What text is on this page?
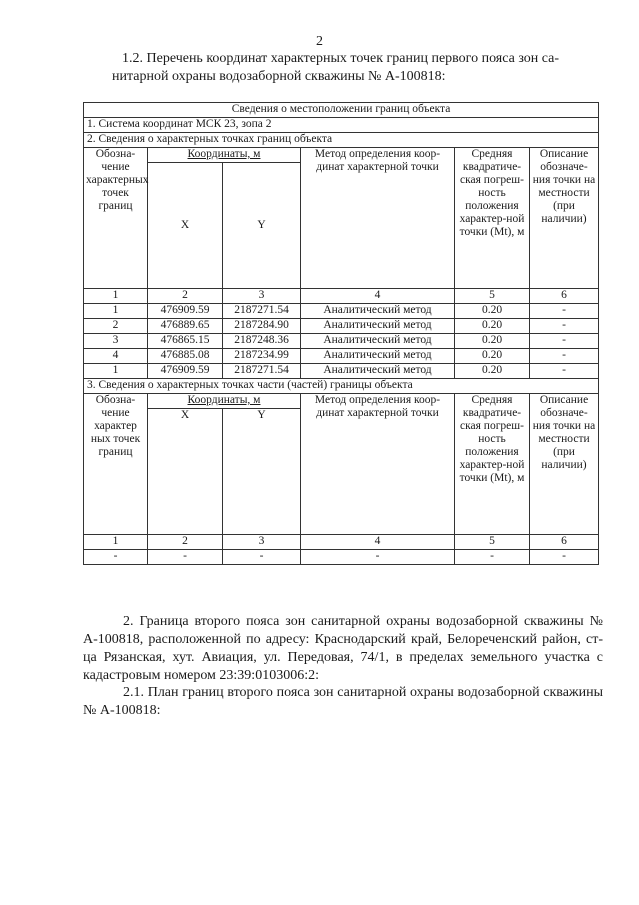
2
1.2. Перечень координат характерных точек границ первого пояса зон са-
нитарной охраны водозаборной скважины № А-100818:
Сведения о местоположении границ объекта					
1. Система координат МСК 23, зопа 2					
2. Сведения о характерных точках границ объекта					
Обозна-чение характерных точек границ	Координаты, м		Метод определения коор-динат характерной точки	Средняя квадратиче-ская погреш-ность положения характер-ной точки (Mt), м	Описание обозначе-ния точки на местности (при наличии)
	X	Y			
1	2	3	4	5	6
1	476909.59	2187271.54	Аналитический метод	0.20	-
2	476889.65	2187284.90	Аналитический метод	0.20	-
3	476865.15	2187248.36	Аналитический метод	0.20	-
4	476885.08	2187234.99	Аналитический метод	0.20	-
1	476909.59	2187271.54	Аналитический метод	0.20	-
3. Сведения о характерных точках части (частей) границы объекта					
Обозна-чение характер ных точек границ	Координаты, м		Метод определения коор-динат характерной точки	Средняя квадратиче-ская погреш-ность положения характер-ной точки (Mt), м	Описание обозначе-ния точки на местности (при наличии)
	X	Y			
1	2	3	4	5	6
-	-	-	-	-	-
2. Граница второго пояса зон санитарной охраны водозаборной скважины № А-100818, расположенной по адресу: Краснодарский край, Белореченский район, ст-ца Рязанская, хут. Авиация, ул. Передовая, 74/1, в пределах земельного участка с кадастровым номером 23:39:0103006:2:
2.1. План границ второго пояса зон санитарной охраны водозаборной скважины № А-100818:
